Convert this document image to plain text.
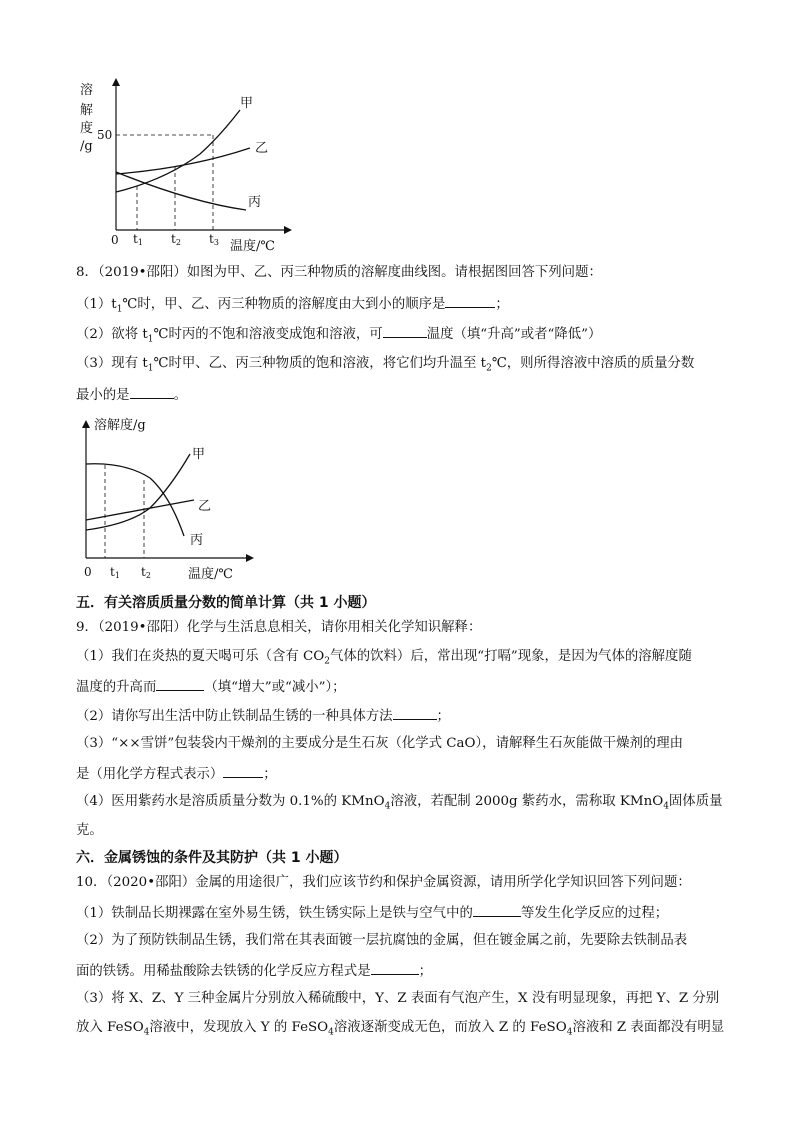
溶
解
度
/g
50
甲
乙
丙
0 t1 t2 t3 温度/℃
8．（2019•邵阳）如图为甲、乙、丙三种物质的溶解度曲线图。请根据图回答下列问题：
$(1)t_1℃$时，甲、乙、丙三种物质的溶解度由大到小的顺序是	；
（2）欲将 $t_1℃$时丙的不饱和溶液变成饱和溶液，可	温度（填“升高”或者“降低”）
（3）现有 $t_1℃$时甲、乙、丙三种物质的饱和溶液，将它们均升温至 $t_2℃$，则所得溶液中溶质的质量分数
最小的是	。
溶解度/g
甲
乙
丙
0 t1 t2	温度/℃
五．有关溶质质量分数的简单计算（共 1 小题）
9．（2019•邵阳）化学与生活息息相关，请你用相关化学知识解释：
（1）我们在炎热的夏天喝可乐（含有 $CO_2$气体的饮料）后，常出现“打嗝”现象，是因为气体的溶解度随
温度的升高而	（填“增大”或“减小”）；
（2）请你写出生活中防止铁制品生锈的一种具体方法	；
（3）“××雪饼”包装袋内干燥剂的主要成分是生石灰（化学式 CaO），请解释生石灰能做干燥剂的理由
是（用化学方程式表示）	；
（4）医用紫药水是溶质质量分数为 0.1%的 KMnO$_4$溶液，若配制 2000g 紫药水，需称取 KMnO$_4$固体质量
克。
六．金属锈蚀的条件及其防护（共 1 小题）
10．（2020•邵阳）金属的用途很广，我们应该节约和保护金属资源，请用所学化学知识回答下列问题：
（1）铁制品长期裸露在室外易生锈，铁生锈实际上是铁与空气中的	等发生化学反应的过程；
（2）为了预防铁制品生锈，我们常在其表面镀一层抗腐蚀的金属，但在镀金属之前，先要除去铁制品表
面的铁锈。用稀盐酸除去铁锈的化学反应方程式是	；
（3）将 X、Z、Y 三种金属片分别放入稀硫酸中，Y、Z 表面有气泡产生，X 没有明显现象，再把 Y、Z 分别
放入 FeSO$_4$溶液中，发现放入 Y 的 FeSO$_4$溶液逐渐变成无色，而放入 Z 的 FeSO$_4$溶液和 Z 表面都没有明显
